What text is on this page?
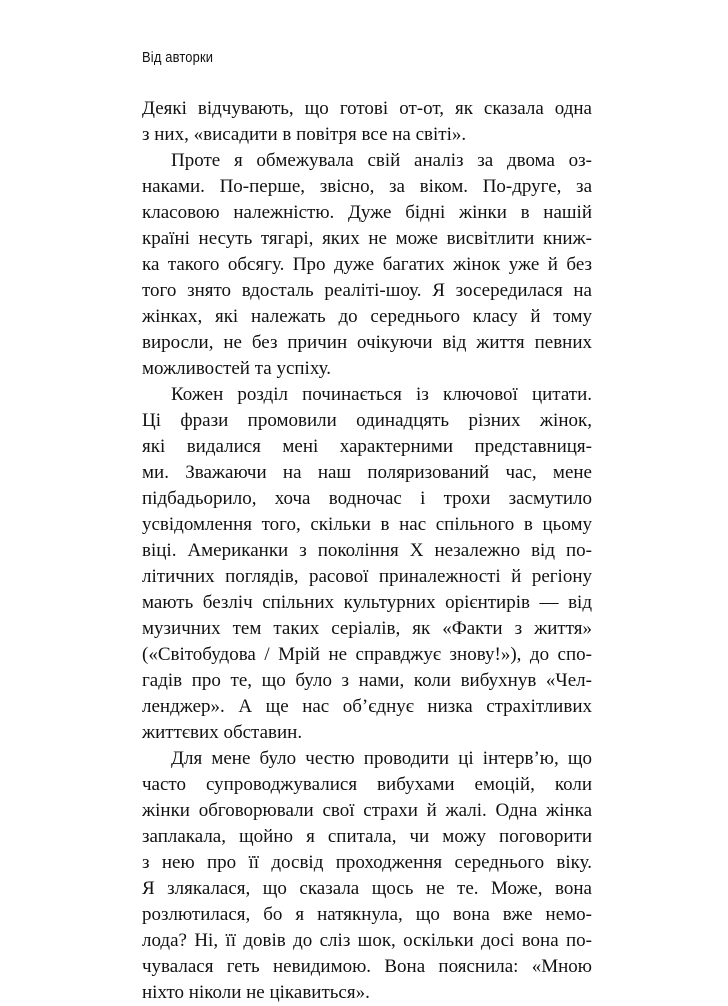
Від авторки
Деякі відчувають, що готові от-от, як сказала одна
з них, «висадити в повітря все на світі».
Проте я обмежувала свій аналіз за двома оз-
наками. По-перше, звісно, за віком. По-друге, за
класовою належністю. Дуже бідні жінки в нашій
країні несуть тягарі, яких не може висвітлити книж-
ка такого обсягу. Про дуже багатих жінок уже й без
того знято вдосталь реаліті-шоу. Я зосередилася на
жінках, які належать до середнього класу й тому
виросли, не без причин очікуючи від життя певних
можливостей та успіху.
Кожен розділ починається із ключової цитати.
Ці фрази промовили одинадцять різних жінок,
які видалися мені характерними представниця-
ми. Зважаючи на наш поляризований час, мене
підбадьорило, хоча водночас і трохи засмутило
усвідомлення того, скільки в нас спільного в цьому
віці. Американки з покоління X незалежно від по-
літичних поглядів, расової приналежності й регіону
мають безліч спільних культурних орієнтирів — від
музичних тем таких серіалів, як «Факти з життя»
(«Світобудова / Мрій не справджує знову!»), до спо-
гадів про те, що було з нами, коли вибухнув «Чел-
ленджер». А ще нас об’єднує низка страхітливих
життєвих обставин.
Для мене було честю проводити ці інтерв’ю, що
часто супроводжувалися вибухами емоцій, коли
жінки обговорювали свої страхи й жалі. Одна жінка
заплакала, щойно я спитала, чи можу поговорити
з нею про її досвід проходження середнього віку.
Я злякалася, що сказала щось не те. Може, вона
розлютилася, бо я натякнула, що вона вже немо-
лода? Ні, її довів до сліз шок, оскільки досі вона по-
чувалася геть невидимою. Вона пояснила: «Мною
ніхто ніколи не цікавиться».
